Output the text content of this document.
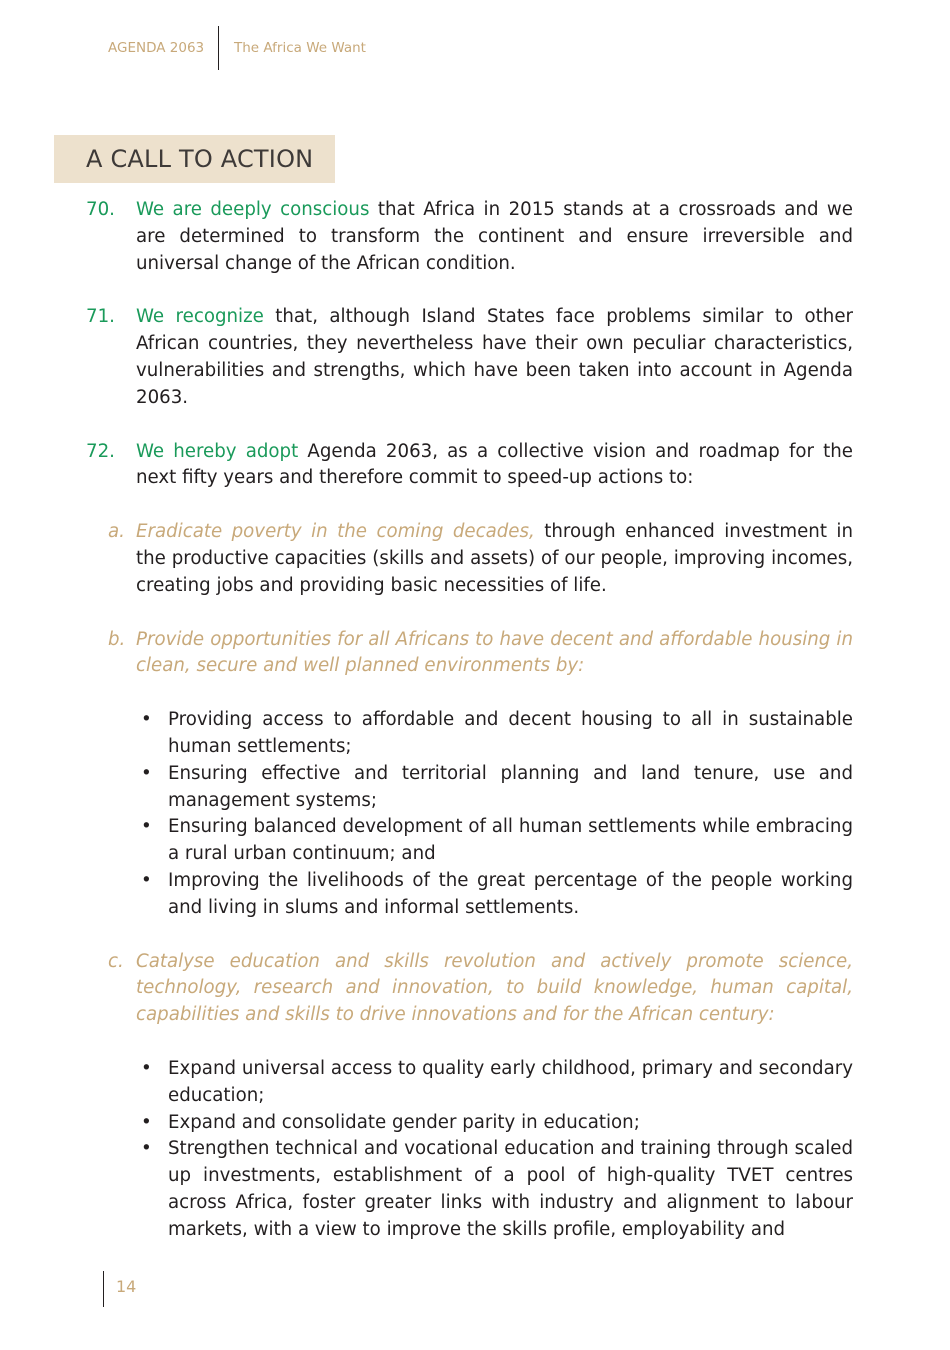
AGENDA 2063 The Africa We Want
A CALL TO ACTION

70. We are deeply conscious that Africa in 2015 stands at a crossroads and we are determined to transform the continent and ensure irreversible and universal change of the African condition.

71. We recognize that, although Island States face problems similar to other African countries, they nevertheless have their own peculiar characteristics, vulnerabilities and strengths, which have been taken into account in Agenda 2063.

72. We hereby adopt Agenda 2063, as a collective vision and roadmap for the next fifty years and therefore commit to speed-up actions to:

a. Eradicate poverty in the coming decades, through enhanced investment in the productive capacities (skills and assets) of our people, improving incomes, creating jobs and providing basic necessities of life.

b. Provide opportunities for all Africans to have decent and affordable housing in clean, secure and well planned environments by:

• Providing access to affordable and decent housing to all in sustainable human settlements;
• Ensuring effective and territorial planning and land tenure, use and management systems;
• Ensuring balanced development of all human settlements while embracing a rural urban continuum; and
• Improving the livelihoods of the great percentage of the people working and living in slums and informal settlements.

c. Catalyse education and skills revolution and actively promote science, technology, research and innovation, to build knowledge, human capital, capabilities and skills to drive innovations and for the African century:

• Expand universal access to quality early childhood, primary and secondary education;
• Expand and consolidate gender parity in education;
• Strengthen technical and vocational education and training through scaled up investments, establishment of a pool of high-quality TVET centres across Africa, foster greater links with industry and alignment to labour markets, with a view to improve the skills profile, employability and
14
